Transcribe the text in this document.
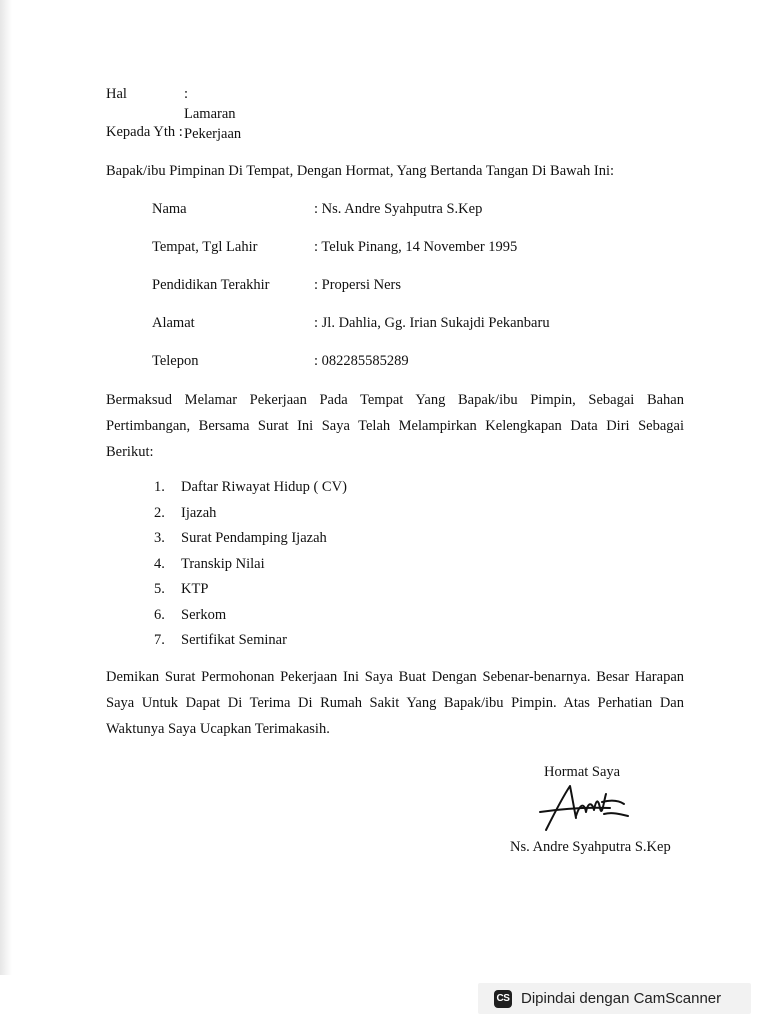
Hal	: Lamaran Pekerjaan
Kepada Yth :
Bapak/ibu Pimpinan Di Tempat, Dengan Hormat, Yang Bertanda Tangan Di Bawah Ini:
Nama	: Ns. Andre Syahputra S.Kep
Tempat, Tgl Lahir	: Teluk Pinang, 14 November 1995
Pendidikan Terakhir	: Propersi Ners
Alamat	: Jl. Dahlia, Gg. Irian Sukajdi Pekanbaru
Telepon	: 082285585289
Bermaksud Melamar Pekerjaan Pada Tempat Yang Bapak/ibu Pimpin, Sebagai Bahan Pertimbangan, Bersama Surat Ini Saya Telah Melampirkan Kelengkapan Data Diri Sebagai Berikut:
1. Daftar Riwayat Hidup ( CV)
2. Ijazah
3. Surat Pendamping Ijazah
4. Transkip Nilai
5. KTP
6. Serkom
7. Sertifikat Seminar
Demikan Surat Permohonan Pekerjaan Ini Saya Buat Dengan Sebenar-benarnya. Besar Harapan Saya Untuk Dapat Di Terima Di Rumah Sakit Yang Bapak/ibu Pimpin. Atas Perhatian Dan Waktunya Saya Ucapkan Terimakasih.
Hormat Saya
Ns. Andre Syahputra S.Kep
CS Dipindai dengan CamScanner
